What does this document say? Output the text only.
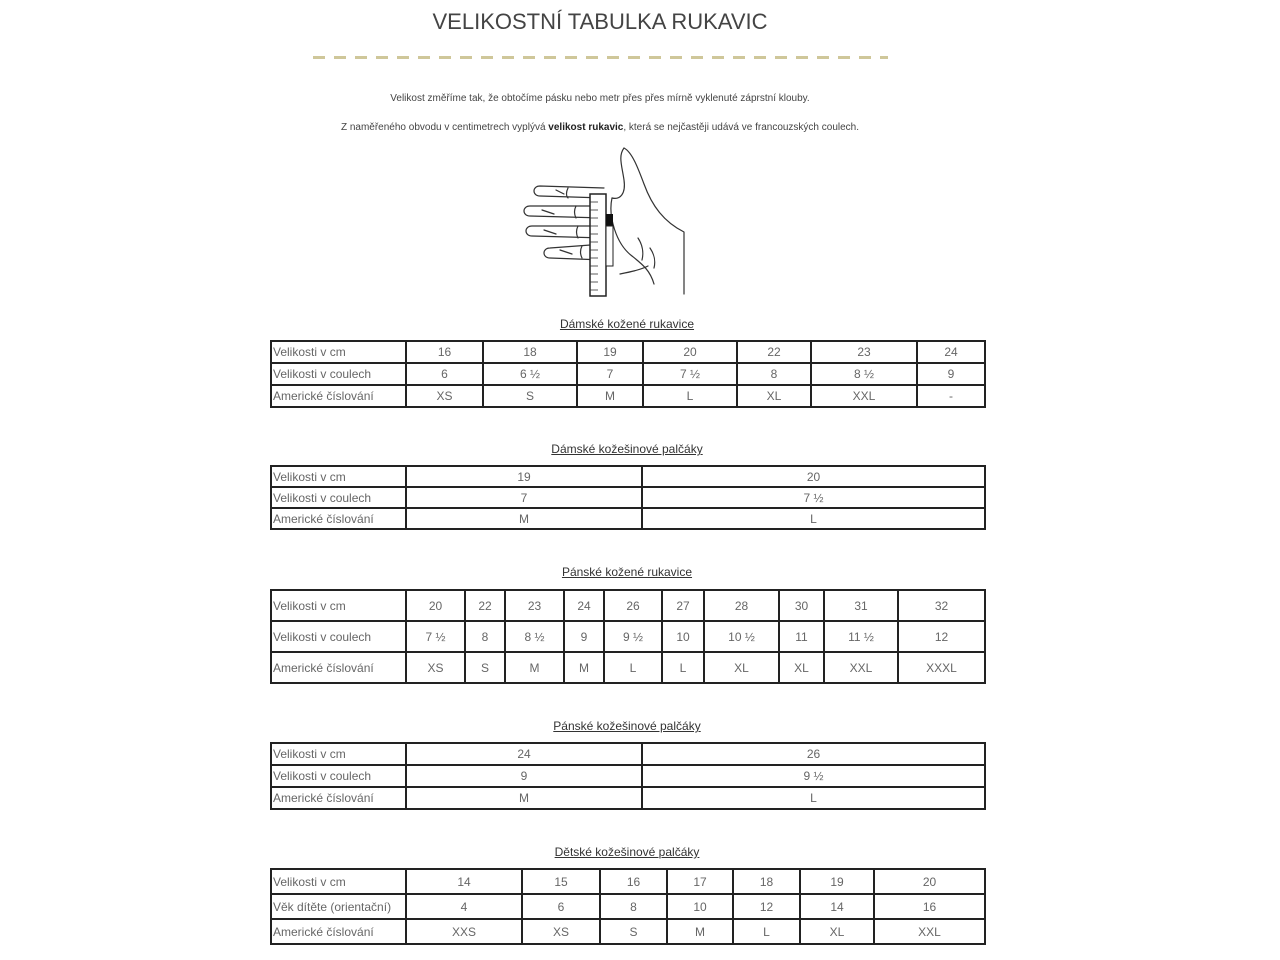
VELIKOSTNÍ TABULKA RUKAVIC

Velikost změříme tak, že obtočíme pásku nebo metr přes přes mírně vyklenuté záprstní klouby.

Z naměřeného obvodu v centimetrech vyplývá velikost rukavic, která se nejčastěji udává ve francouzských coulech.

Dámské kožené rukavice

Velikosti v cm	16	18	19	20	22	23	24
Velikosti v coulech	6	6 ½	7	7 ½	8	8 ½	9
Americké číslování	XS	S	M	L	XL	XXL	-

Dámské kožešinové palčáky

Velikosti v cm	19	20
Velikosti v coulech	7	7 ½
Americké číslování	M	L

Pánské kožené rukavice

Velikosti v cm	20	22	23	24	26	27	28	30	31	32
Velikosti v coulech	7 ½	8	8 ½	9	9 ½	10	10 ½	11	11 ½	12
Americké číslování	XS	S	M	M	L	L	XL	XL	XXL	XXXL

Pánské kožešinové palčáky

Velikosti v cm	24	26
Velikosti v coulech	9	9 ½
Americké číslování	M	L

Dětské kožešinové palčáky

Velikosti v cm	14	15	16	17	18	19	20
Věk dítěte (orientační)	4	6	8	10	12	14	16
Americké číslování	XXS	XS	S	M	L	XL	XXL
